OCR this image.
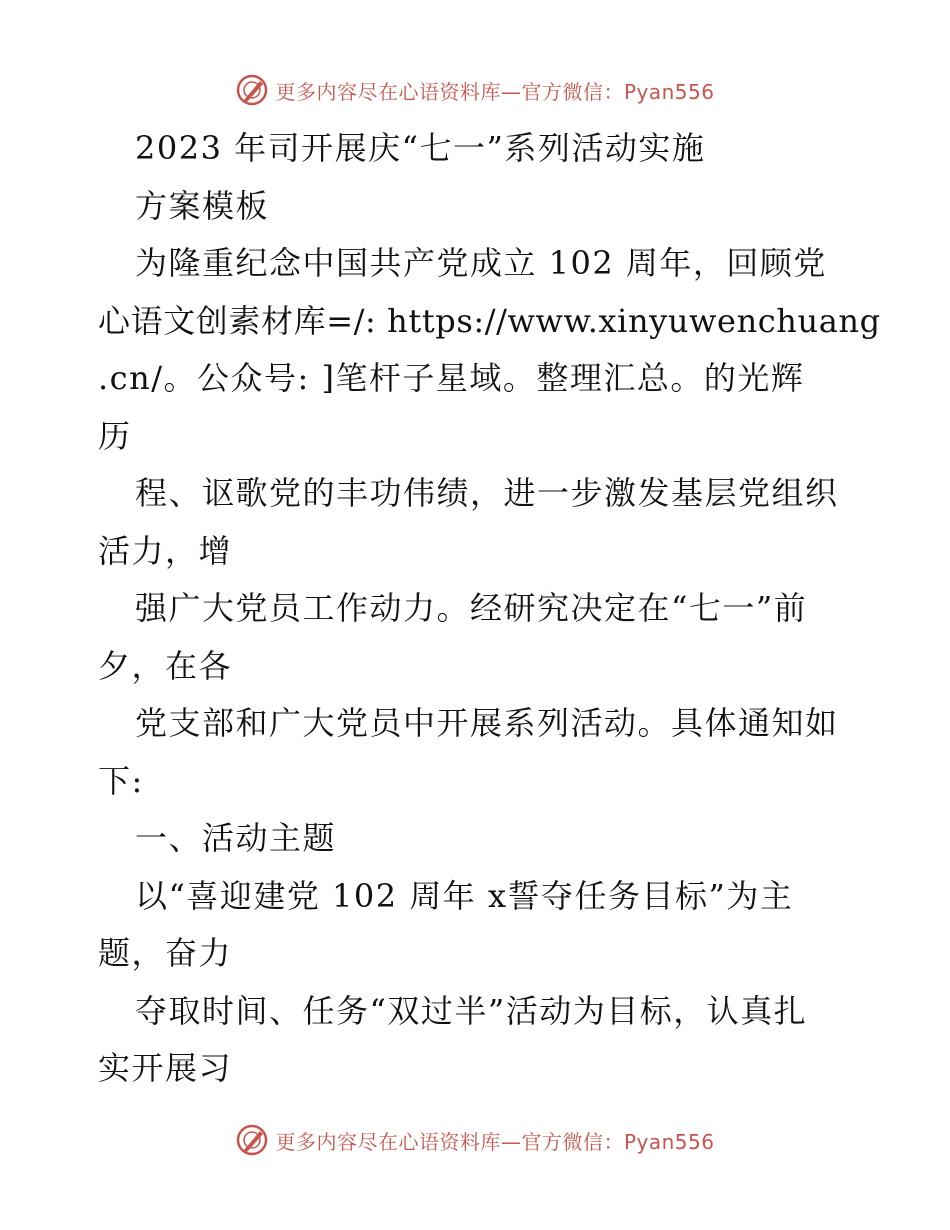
更多内容尽在心语资料库—官方微信：Pyan556
2023 年司开展庆“七一”系列活动实施
方案模板
为隆重纪念中国共产党成立 102 周年，回顾党
心语文创素材库=/: https://www.xinyuwenchuang
.cn/。公众号: ]笔杆子星域。整理汇总。的光辉
历
程、讴歌党的丰功伟绩，进一步激发基层党组织
活力，增
强广大党员工作动力。经研究决定在“七一”前
夕，在各
党支部和广大党员中开展系列活动。具体通知如
下:
一、活动主题
以“喜迎建党 102 周年 x誓夺任务目标”为主
题，奋力
夺取时间、任务“双过半”活动为目标，认真扎
实开展习
更多内容尽在心语资料库—官方微信：Pyan556
